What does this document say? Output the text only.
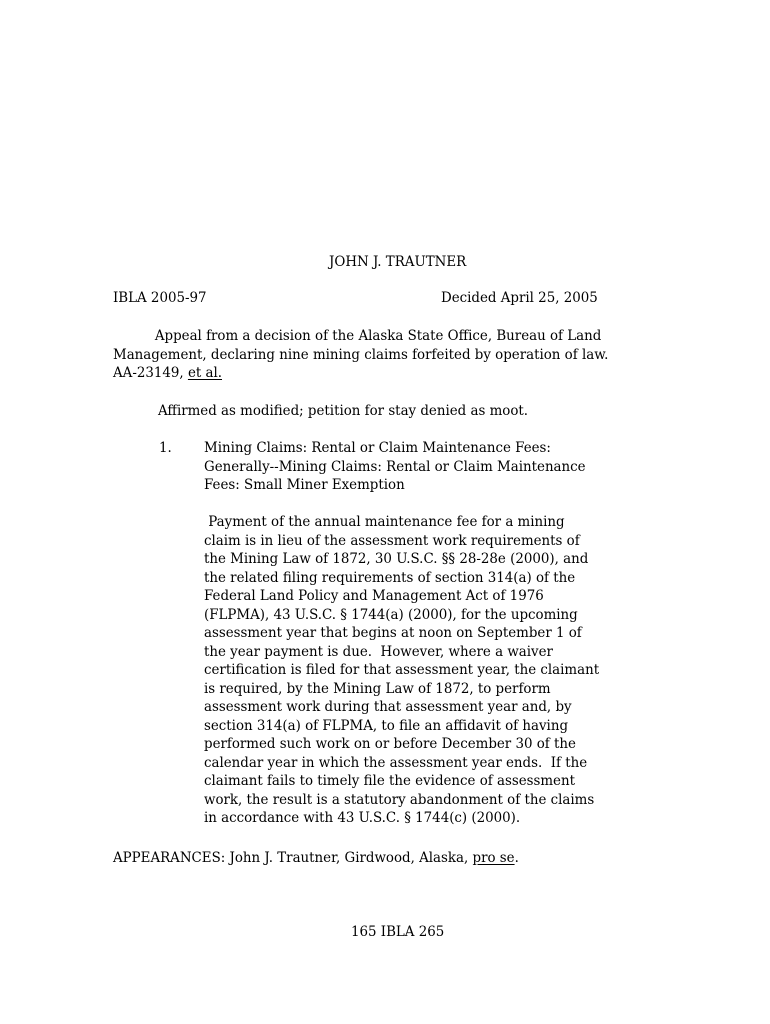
JOHN J. TRAUTNER
IBLA 2005-97	Decided April 25, 2005
Appeal from a decision of the Alaska State Office, Bureau of Land
Management, declaring nine mining claims forfeited by operation of law.
AA-23149, et al.
Affirmed as modified; petition for stay denied as moot.
1. Mining Claims: Rental or Claim Maintenance Fees:
Generally--Mining Claims: Rental or Claim Maintenance
Fees: Small Miner Exemption
Payment of the annual maintenance fee for a mining
claim is in lieu of the assessment work requirements of
the Mining Law of 1872, 30 U.S.C. §§ 28-28e (2000), and
the related filing requirements of section 314(a) of the
Federal Land Policy and Management Act of 1976
(FLPMA), 43 U.S.C. § 1744(a) (2000), for the upcoming
assessment year that begins at noon on September 1 of
the year payment is due.  However, where a waiver
certification is filed for that assessment year, the claimant
is required, by the Mining Law of 1872, to perform
assessment work during that assessment year and, by
section 314(a) of FLPMA, to file an affidavit of having
performed such work on or before December 30 of the
calendar year in which the assessment year ends.  If the
claimant fails to timely file the evidence of assessment
work, the result is a statutory abandonment of the claims
in accordance with 43 U.S.C. § 1744(c) (2000).
APPEARANCES: John J. Trautner, Girdwood, Alaska, pro se.
165 IBLA 265
